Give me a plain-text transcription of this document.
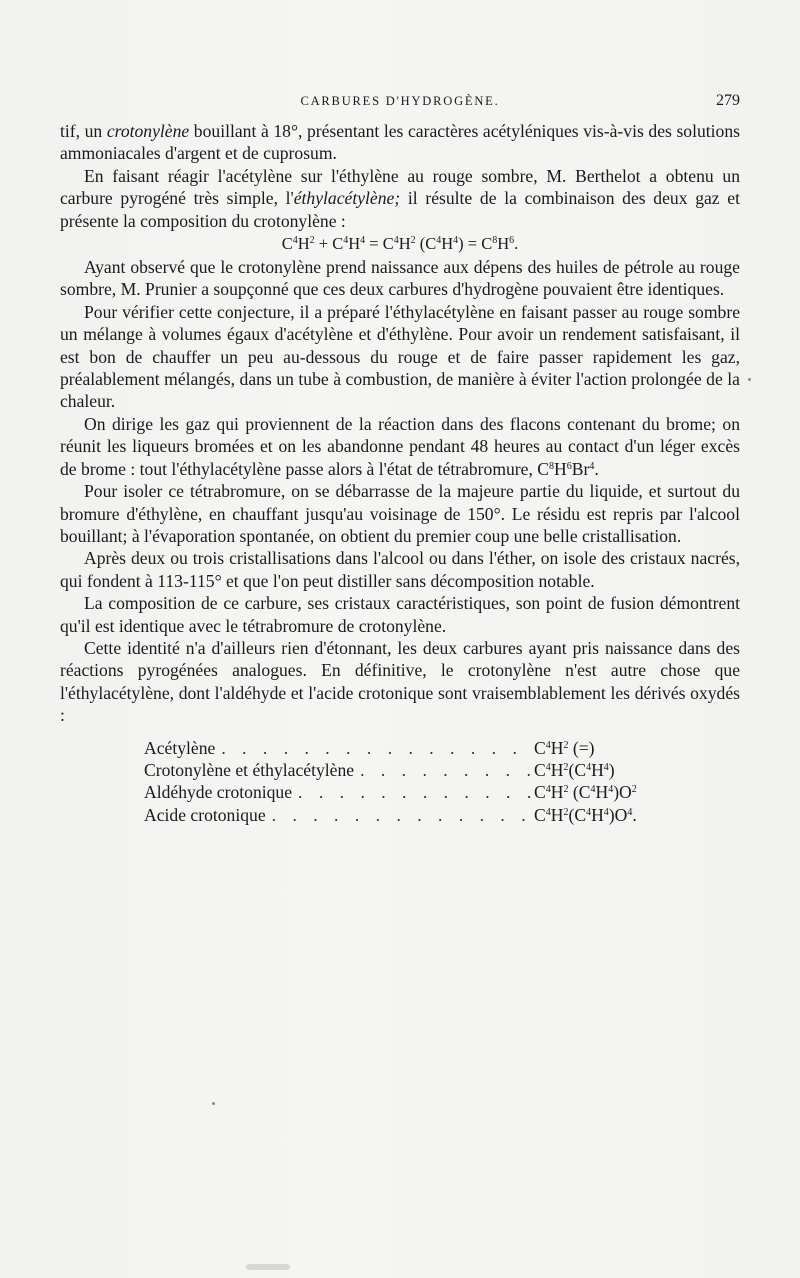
CARBURES D'HYDROGÈNE.	279

tif, un crotonylène bouillant à 18°, présentant les caractères acétyléniques vis-à-vis des solutions ammoniacales d'argent et de cuprosum.

En faisant réagir l'acétylène sur l'éthylène au rouge sombre, M. Berthelot a obtenu un carbure pyrogéné très simple, l'éthylacétylène; il résulte de la combinaison des deux gaz et présente la composition du crotonylène :

$C^4H^2 + C^4H^4 = C^4H^2$ $(C^4H^4) = C^8H^6$.

Ayant observé que le crotonylène prend naissance aux dépens des huiles de pétrole au rouge sombre, M. Prunier a soupçonné que ces deux carbures d'hydrogène pouvaient être identiques.

Pour vérifier cette conjecture, il a préparé l'éthylacétylène en faisant passer au rouge sombre un mélange à volumes égaux d'acétylène et d'éthylène. Pour avoir un rendement satisfaisant, il est bon de chauffer un peu au-dessous du rouge et de faire passer rapidement les gaz, préalablement mélangés, dans un tube à combustion, de manière à éviter l'action prolongée de la chaleur.

On dirige les gaz qui proviennent de la réaction dans des flacons contenant du brome; on réunit les liqueurs bromées et on les abandonne pendant 48 heures au contact d'un léger excès de brome : tout l'éthylacétylène passe alors à l'état de tétrabromure, $C^8H^6Br^4$.

Pour isoler ce tétrabromure, on se débarrasse de la majeure partie du liquide, et surtout du bromure d'éthylène, en chauffant jusqu'au voisinage de 150°. Le résidu est repris par l'alcool bouillant; à l'évaporation spontanée, on obtient du premier coup une belle cristallisation.

Après deux ou trois cristallisations dans l'alcool ou dans l'éther, on isole des cristaux nacrés, qui fondent à 113-115° et que l'on peut distiller sans décomposition notable.

La composition de ce carbure, ses cristaux caractéristiques, son point de fusion démontrent qu'il est identique avec le tétrabromure de crotonylène.

Cette identité n'a d'ailleurs rien d'étonnant, les deux carbures ayant pris naissance dans des réactions pyrogénées analogues. En définitive, le crotonylène n'est autre chose que l'éthylacétylène, dont l'aldéhyde et l'acide crotonique sont vraisemblablement les dérivés oxydés :

Acétylène . . .	$C^4H^2$ (=)
Crotonylène et éthylacétylène . . .	$C^4H^2(C^4H^4)$
Aldéhyde crotonique . . .	$C^4H^2$ $(C^4H^4)O^2$
Acide crotonique . . .	$C^4H^2(C^4H^4)O^4$.
